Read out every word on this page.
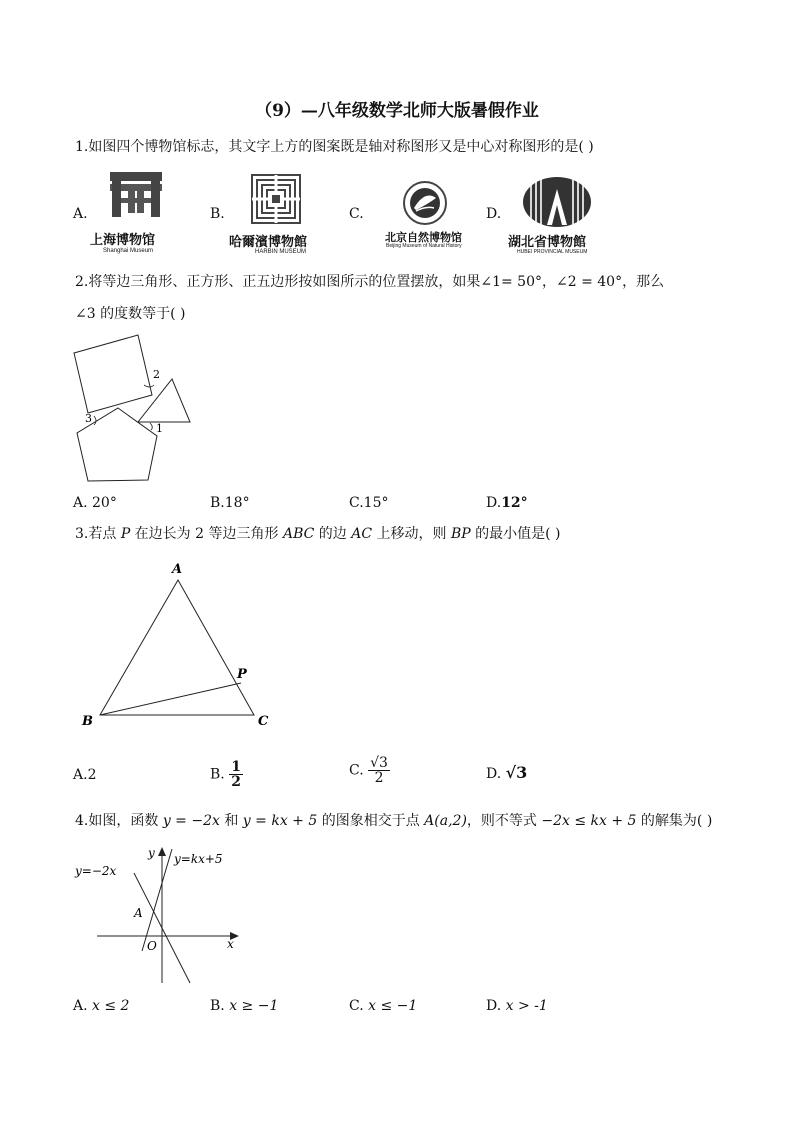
（9）—八年级数学北师大版暑假作业
1.如图四个博物馆标志，其文字上方的图案既是轴对称图形又是中心对称图形的是( )
A.
上海博物馆
Shanghai Museum
B.
哈爾濱博物館
HARBIN MUSEUM
C.
北京自然博物馆
Beijing Museum of Natural History
D.
湖北省博物館
HUBEI PROVINCIAL MUSEUM
2.将等边三角形、正方形、正五边形按如图所示的位置摆放，如果∠1= 50°，∠2 = 40°，那么
∠3 的度数等于( )
2
1
3
A. 20°	B.18°	C.15°	D.12°
3.若点 P 在边长为 2 等边三角形 ABC 的边 AC 上移动，则 BP 的最小值是( )
A
B	C
P
A.2	B. $\frac{1}{2}$	C. $\frac{√3}{2}$	D. √3
4.如图，函数 y = −2x 和 y = kx + 5 的图象相交于点 A(a,2)，则不等式 −2x ≤ kx + 5 的解集为( )
y=−2x
y=kx+5
A
O	x
y
A. x ≤ 2	B. x ≥ −1	C. x ≤ −1	D. x > -1
